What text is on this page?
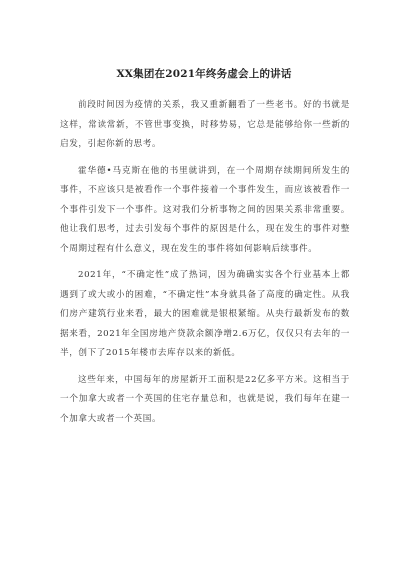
XX集团在2021年终务虚会上的讲话

前段时间因为疫情的关系，我又重新翻看了一些老书。好的书就是这样，常读常新，不管世事变换，时移势易，它总是能够给你一些新的启发，引起你新的思考。

霍华德•马克斯在他的书里就讲到，在一个周期存续期间所发生的事件，不应该只是被看作一个事件接着一个事件发生，而应该被看作一个事件引发下一个事件。这对我们分析事物之间的因果关系非常重要。他让我们思考，过去引发每个事件的原因是什么，现在发生的事件对整个周期过程有什么意义，现在发生的事件将如何影响后续事件。

2021年，“不确定性”成了热词，因为确确实实各个行业基本上都遇到了或大或小的困难，“不确定性”本身就具备了高度的确定性。从我们房产建筑行业来看，最大的困难就是银根紧缩。从央行最新发布的数据来看，2021年全国房地产贷款余额净增2.6万亿，仅仅只有去年的一半，创下了2015年楼市去库存以来的新低。

这些年来，中国每年的房屋新开工面积是22亿多平方米。这相当于一个加拿大或者一个英国的住宅存量总和，也就是说，我们每年在建一个加拿大或者一个英国。
